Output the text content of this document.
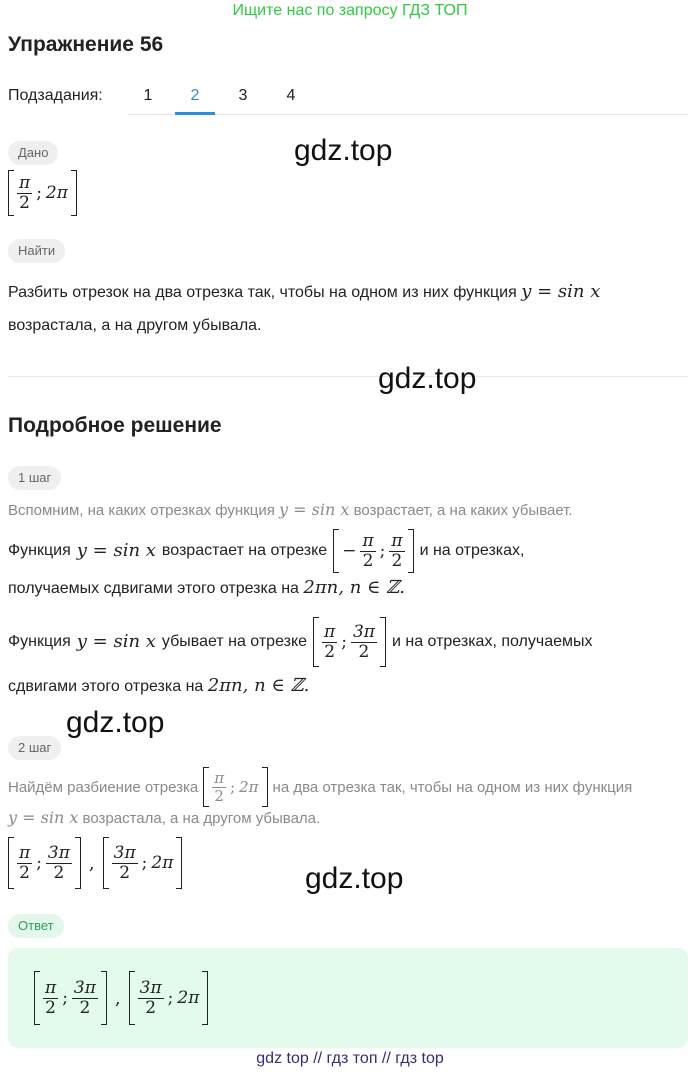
Ищите нас по запросу ГДЗ ТОП
Упражнение 56
Подзадания:	1	2	3	4
Дано	gdz.top
$\frac{\pi}{2}$ ; 2π
Найти
Разбить отрезок на два отрезка так, чтобы на одном из них функция y = sin x
возрастала, а на другом убывала.
gdz.top
Подробное решение
1 шаг
Вспомним, на каких отрезках функция y = sin x возрастает, а на каких убывает.
Функция y = sin x возрастает на отрезке − $\frac{\pi}{2}$ ; $\frac{\pi}{2}$ и на отрезках,
получаемых сдвигами этого отрезка на 2πn, n ∈ ℤ.
Функция y = sin x убывает на отрезке $\frac{\pi}{2}$ ; $\frac{3\pi}{2}$ и на отрезках, получаемых
сдвигами этого отрезка на 2πn, n ∈ ℤ.
gdz.top
2 шаг
Найдём разбиение отрезка $\frac{\pi}{2}$ ; 2π на два отрезка так, чтобы на одном из них функция
y = sin x возрастала, а на другом убывала.
$\frac{\pi}{2}$ ; $\frac{3\pi}{2}$ , $\frac{3\pi}{2}$ ; 2π	gdz.top
Ответ
$\frac{\pi}{2}$ ; $\frac{3\pi}{2}$ , $\frac{3\pi}{2}$ ; 2π
gdz top // гдз топ // гдз top
